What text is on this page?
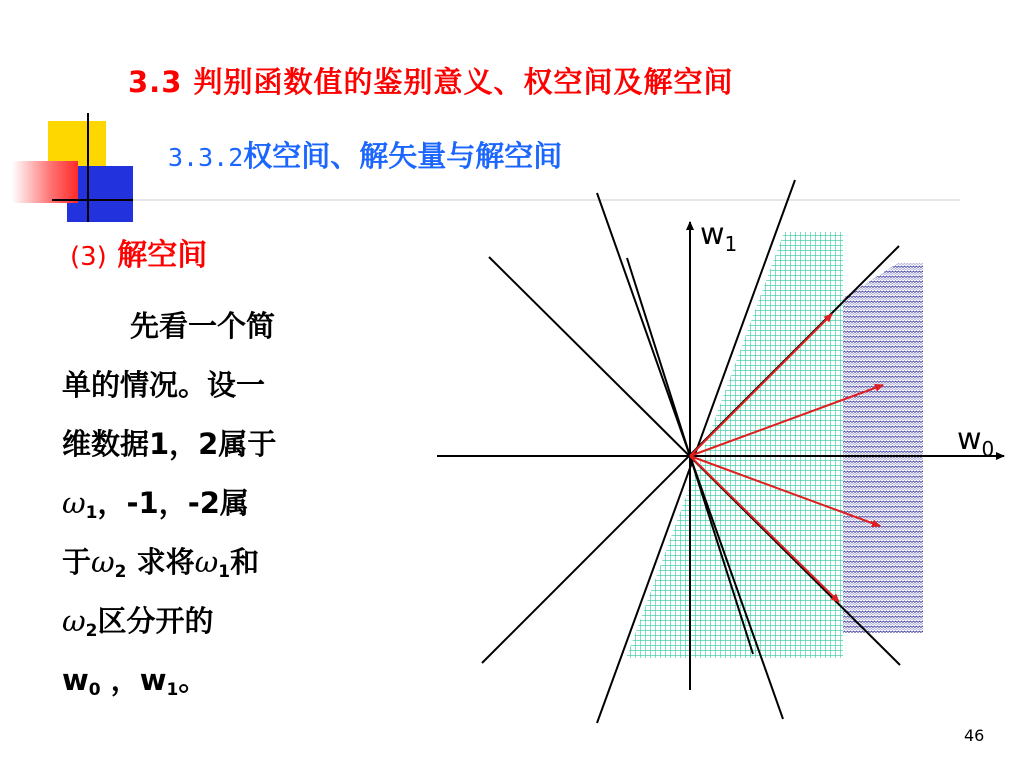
3.3 判别函数值的鉴别意义、权空间及解空间
3.3.2权空间、解矢量与解空间
(3) 解空间
先看一个简
单的情况。设一
维数据1，2属于
$\omega_1$，-1，-2属
于$\omega_2$ 求将$\omega_1$和
$\omega_2$区分开的
$w_0$ ，$w_1$。
$w_1$
$w_0$
46
